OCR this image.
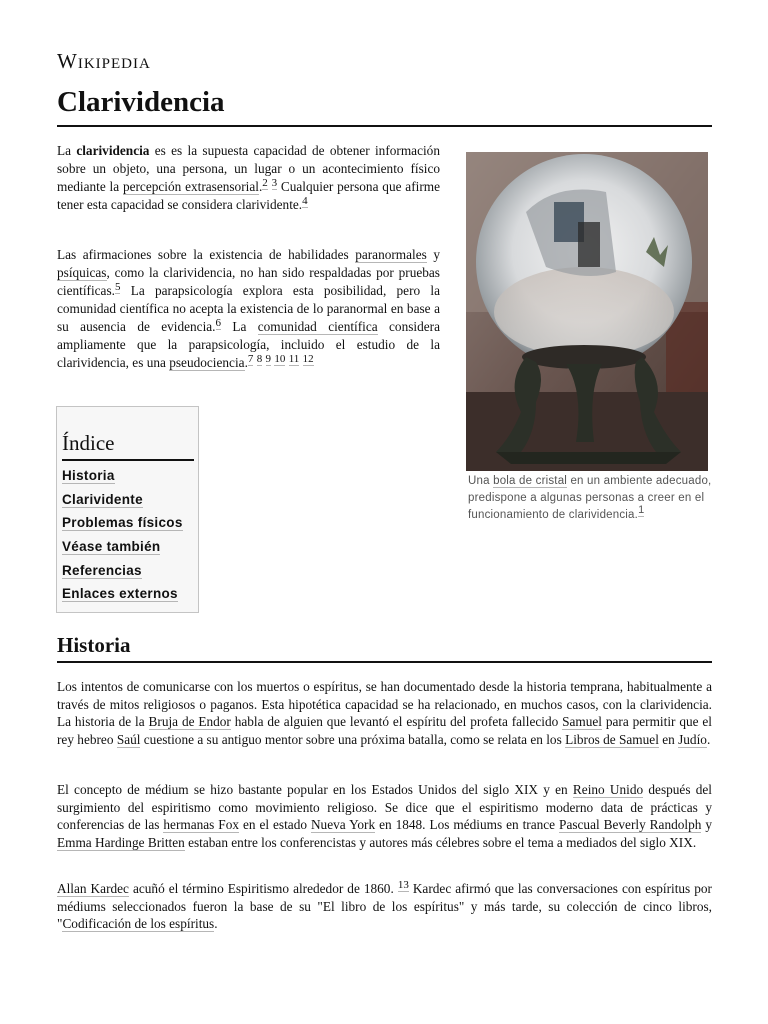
Wikipedia
Clarividencia

La clarividencia es es la supuesta capacidad de obtener información sobre un objeto, una persona, un lugar o un acontecimiento físico mediante la percepción extrasensorial.$^2$ $^3$ Cualquier persona que afirme tener esta capacidad se considera clarividente.$^4$

Las afirmaciones sobre la existencia de habilidades paranormales y psíquicas, como la clarividencia, no han sido respaldadas por pruebas científicas.$^5$ La parapsicología explora esta posibilidad, pero la comunidad científica no acepta la existencia de lo paranormal en base a su ausencia de evidencia.$^6$ La comunidad científica considera ampliamente que la parapsicología, incluido el estudio de la clarividencia, es una pseudociencia.$^7$ $^8$ $^9$ $^{10}$ $^{11}$ $^{12}$

Una bola de cristal en un ambiente adecuado, predispone a algunas personas a creer en el funcionamiento de clarividencia.$^1$

Índice
Historia
Clarividente
Problemas físicos
Véase también
Referencias
Enlaces externos
Historia

Los intentos de comunicarse con los muertos o espíritus, se han documentado desde la historia temprana, habitualmente a través de mitos religiosos o paganos. Esta hipotética capacidad se ha relacionado, en muchos casos, con la clarividencia. La historia de la Bruja de Endor habla de alguien que levantó el espíritu del profeta fallecido Samuel para permitir que el rey hebreo Saúl cuestione a su antiguo mentor sobre una próxima batalla, como se relata en los Libros de Samuel en Judío.

El concepto de médium se hizo bastante popular en los Estados Unidos del siglo XIX y en Reino Unido después del surgimiento del espiritismo como movimiento religioso. Se dice que el espiritismo moderno data de prácticas y conferencias de las hermanas Fox en el estado Nueva York en 1848. Los médiums en trance Pascual Beverly Randolph y Emma Hardinge Britten estaban entre los conferencistas y autores más célebres sobre el tema a mediados del siglo XIX.

Allan Kardec acuñó el término Espiritismo alrededor de 1860. $^{13}$ Kardec afirmó que las conversaciones con espíritus por médiums seleccionados fueron la base de su "El libro de los espíritus" y más tarde, su colección de cinco libros, "Codificación de los espíritus.
